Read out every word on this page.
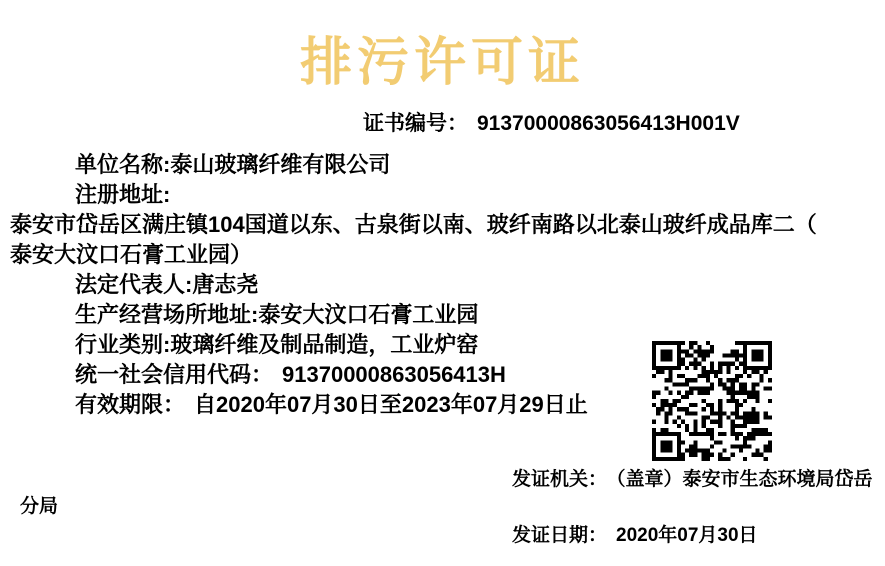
排污许可证
证书编号： 91370000863056413H001V
单位名称:泰山玻璃纤维有限公司
注册地址:
泰安市岱岳区满庄镇104国道以东、古泉街以南、玻纤南路以北泰山玻纤成品库二（
泰安大汶口石膏工业园）
法定代表人:唐志尧
生产经营场所地址:泰安大汶口石膏工业园
行业类别:玻璃纤维及制品制造，工业炉窑
统一社会信用代码： 91370000863056413H
有效期限： 自2020年07月30日至2023年07月29日止
发证机关： （盖章）泰安市生态环境局岱岳
分局
发证日期： 2020年07月30日
